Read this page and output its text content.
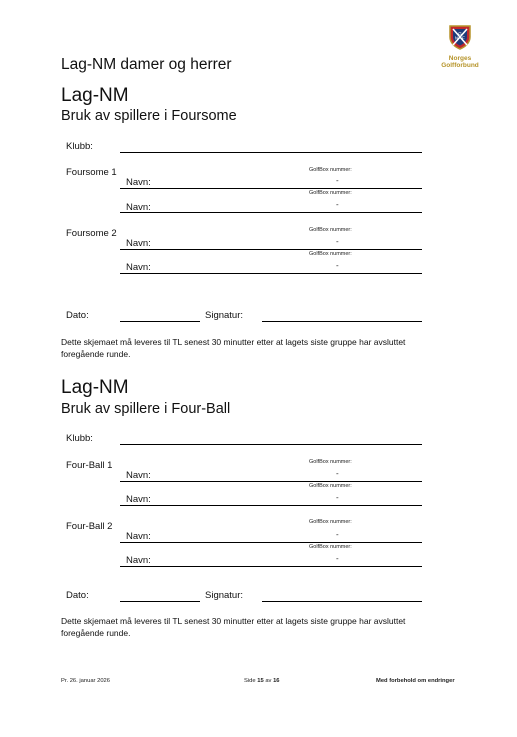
Lag-NM damer og herrer
G
N F
Norges
Golfforbund
Lag-NM
Bruk av spillere i Foursome
Klubb:
Foursome 1	GolfBox nummer:
Navn:	-
GolfBox nummer:
Navn:	-
Foursome 2	GolfBox nummer:
Navn:	-
GolfBox nummer:
Navn:	-
Dato:	Signatur:
Dette skjemaet må leveres til TL senest 30 minutter etter at lagets siste gruppe har avsluttet
foregående runde.
Lag-NM
Bruk av spillere i Four-Ball
Klubb:
Four-Ball 1	GolfBox nummer:
Navn:	-
GolfBox nummer:
Navn:	-
Four-Ball 2	GolfBox nummer:
Navn:	-
GolfBox nummer:
Navn:	-
Dato:	Signatur:
Dette skjemaet må leveres til TL senest 30 minutter etter at lagets siste gruppe har avsluttet
foregående runde.
Pr. 26. januar 2026	Side 15 av 16	Med forbehold om endringer
